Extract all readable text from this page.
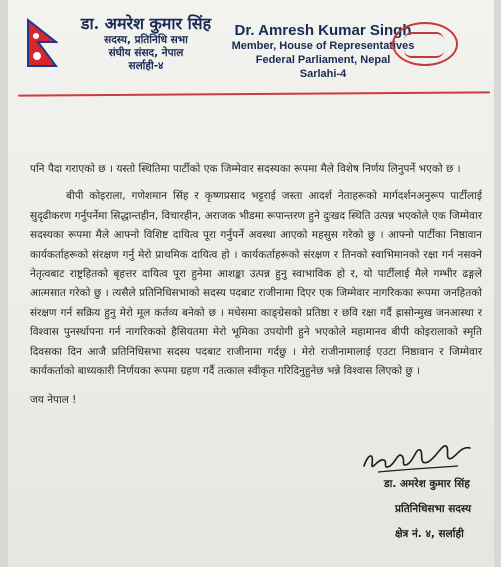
डा. अमरेश कुमार सिंह
सदस्य, प्रतिनिधि सभा
संघीय संसद, नेपाल
सर्लाही-४
Dr. Amresh Kumar Singh
Member, House of Representatives
Federal Parliament, Nepal
Sarlahi-4

पनि पैदा गराएको छ । यस्तो स्थितिमा पार्टीको एक जिम्मेवार सदस्यका रूपमा मैले विशेष निर्णय लिनुपर्ने भएको छ ।

बीपी कोइराला, गणेशमान सिंह र कृष्णप्रसाद भट्टराई जस्ता आदर्श नेताहरूको मार्गदर्शनअनुरूप पार्टीलाई सुदृढीकरण गर्नुपर्नेमा सिद्धान्तहीन, विचारहीन, अराजक भीडमा रूपान्तरण हुने दुःखद स्थिति उत्पन्न भएकोले एक जिम्मेवार सदस्यका रूपमा मैले आफ्नो विशिष्ट दायित्व पूरा गर्नुपर्ने अवस्था आएको महसुस गरेको छु । आफ्नो पार्टीका निष्ठावान कार्यकर्ताहरूको संरक्षण गर्नु मेरो प्राथमिक दायित्व हो । कार्यकर्ताहरूको संरक्षण र तिनको स्वाभिमानको रक्षा गर्न नसक्ने नेतृत्वबाट राष्ट्रहितको बृहत्तर दायित्व पूरा हुनेमा आशङ्का उत्पन्न हुनु स्वाभाविक हो र, यो पार्टीलाई मैले गम्भीर ढङ्गले आत्मसात गरेको छु । त्यसैले प्रतिनिधिसभाको सदस्य पदबाट राजीनामा दिएर एक जिम्मेवार नागरिकका रूपमा जनहितको संरक्षण गर्न सक्रिय हुनु मेरो मूल कर्तव्य बनेको छ । मधेसमा काङ्ग्रेसको प्रतिष्ठा र छवि रक्षा गर्दै ह्रासोन्मुख जनआस्था र विश्वास पुनर्स्थापना गर्न नागरिकको हैसियतमा मेरो भूमिका उपयोगी हुने भएकोले महामानव बीपी कोइरालाको स्मृति दिवसका दिन आजै प्रतिनिधिसभा सदस्य पदबाट राजीनामा गर्दछु । मेरो राजीनामालाई एउटा निष्ठावान र जिम्मेवार कार्यकर्ताको बाध्यकारी निर्णयका रूपमा ग्रहण गर्दै तत्काल स्वीकृत गरिदिनुहुनेछ भन्ने विश्वास लिएको छु ।

जय नेपाल !

डा. अमरेश कुमार सिंह
प्रतिनिधिसभा सदस्य
क्षेत्र नं. ४, सर्लाही
